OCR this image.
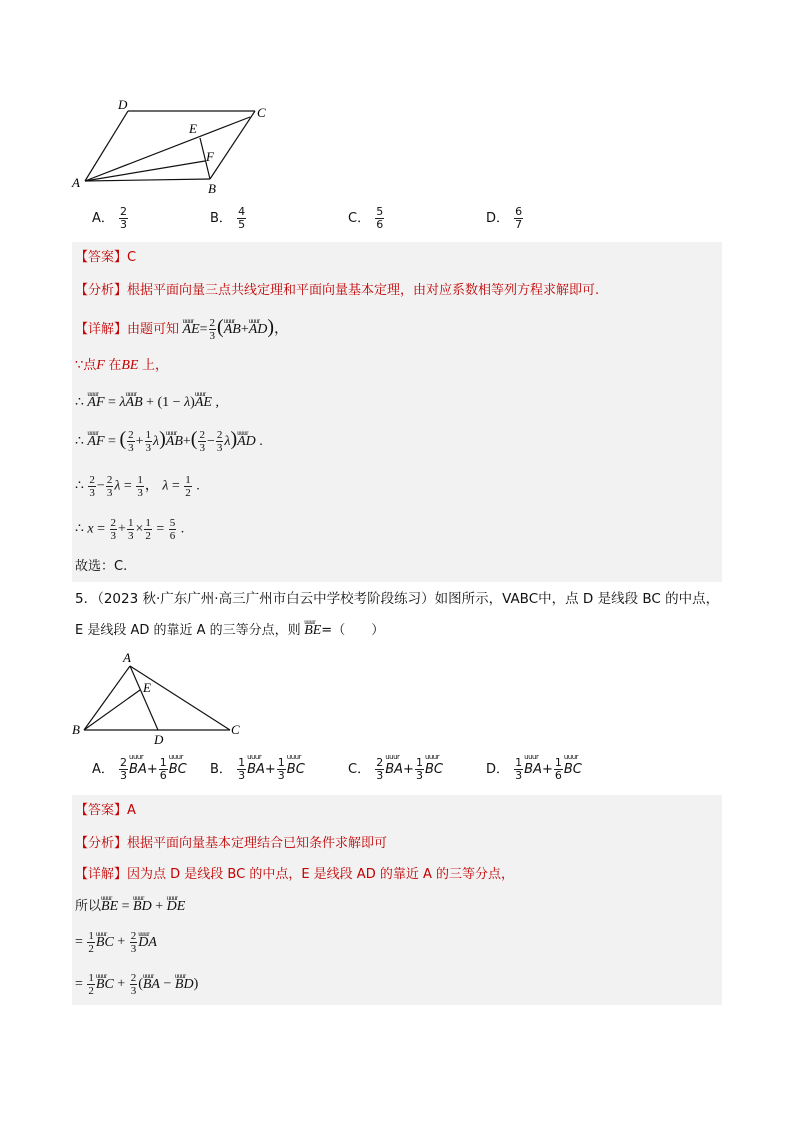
D
C
E
F
A	B
A． $\frac{2}{3}$	B． $\frac{4}{5}$	C． $\frac{5}{6}$	D． $\frac{6}{7}$
【答案】C
【分析】根据平面向量三点共线定理和平面向量基本定理，由对应系数相等列方程求解即可.
【详解】由题可知 uuur $AE= \frac{2}{3}$ (uuur AB+uuur AD)，
∵点F 在BE 上，
∴ uuur AF = λuuur AB + (1 − λ)uuur AE ,
∴ uuur AF = ( $\frac{2}{3} + \frac{1}{3}$ λ)uuur $AB+( \frac{2}{3} - \frac{2}{3}$ λ)uuur AD .
∴ $\frac{2}{3} - \frac{2}{3}$ $\lambda = \frac{1}{3}$ ， $\lambda = \frac{1}{2}$ .
∴ $x = \frac{2}{3} + \frac{1}{3} \times \frac{1}{2} = \frac{5}{6}$ .
故选：C.
5．（2023 秋·广东广州·高三广州市白云中学校考阶段练习）如图所示，VABC中，点 D 是线段 BC 的中点，
E 是线段 AD 的靠近 A 的三等分点，则 uuur BE=（　　）
A
E
B
D
C
A． $\frac{2}{3}$ uuur $BA+ \frac{1}{6}$ uuur BC B． $\frac{1}{3}$ uuur $BA+ \frac{1}{3}$ uuur BC	C． $\frac{2}{3}$ uuur $BA+ \frac{1}{3}$ uuur BC	D． $\frac{1}{3}$ uuur $BA+ \frac{1}{6}$ uuur BC
【答案】A
【分析】根据平面向量基本定理结合已知条件求解即可
【详解】因为点 D 是线段 BC 的中点，E 是线段 AD 的靠近 A 的三等分点，
所以uuur BE = uuur BD + uuur DE
= $\frac{1}{2}$ uuur BC + $\frac{2}{3}$ uuur DA
= $\frac{1}{2}$ uuur BC + $\frac{2}{3}$ (uuur BA − uuur BD)
